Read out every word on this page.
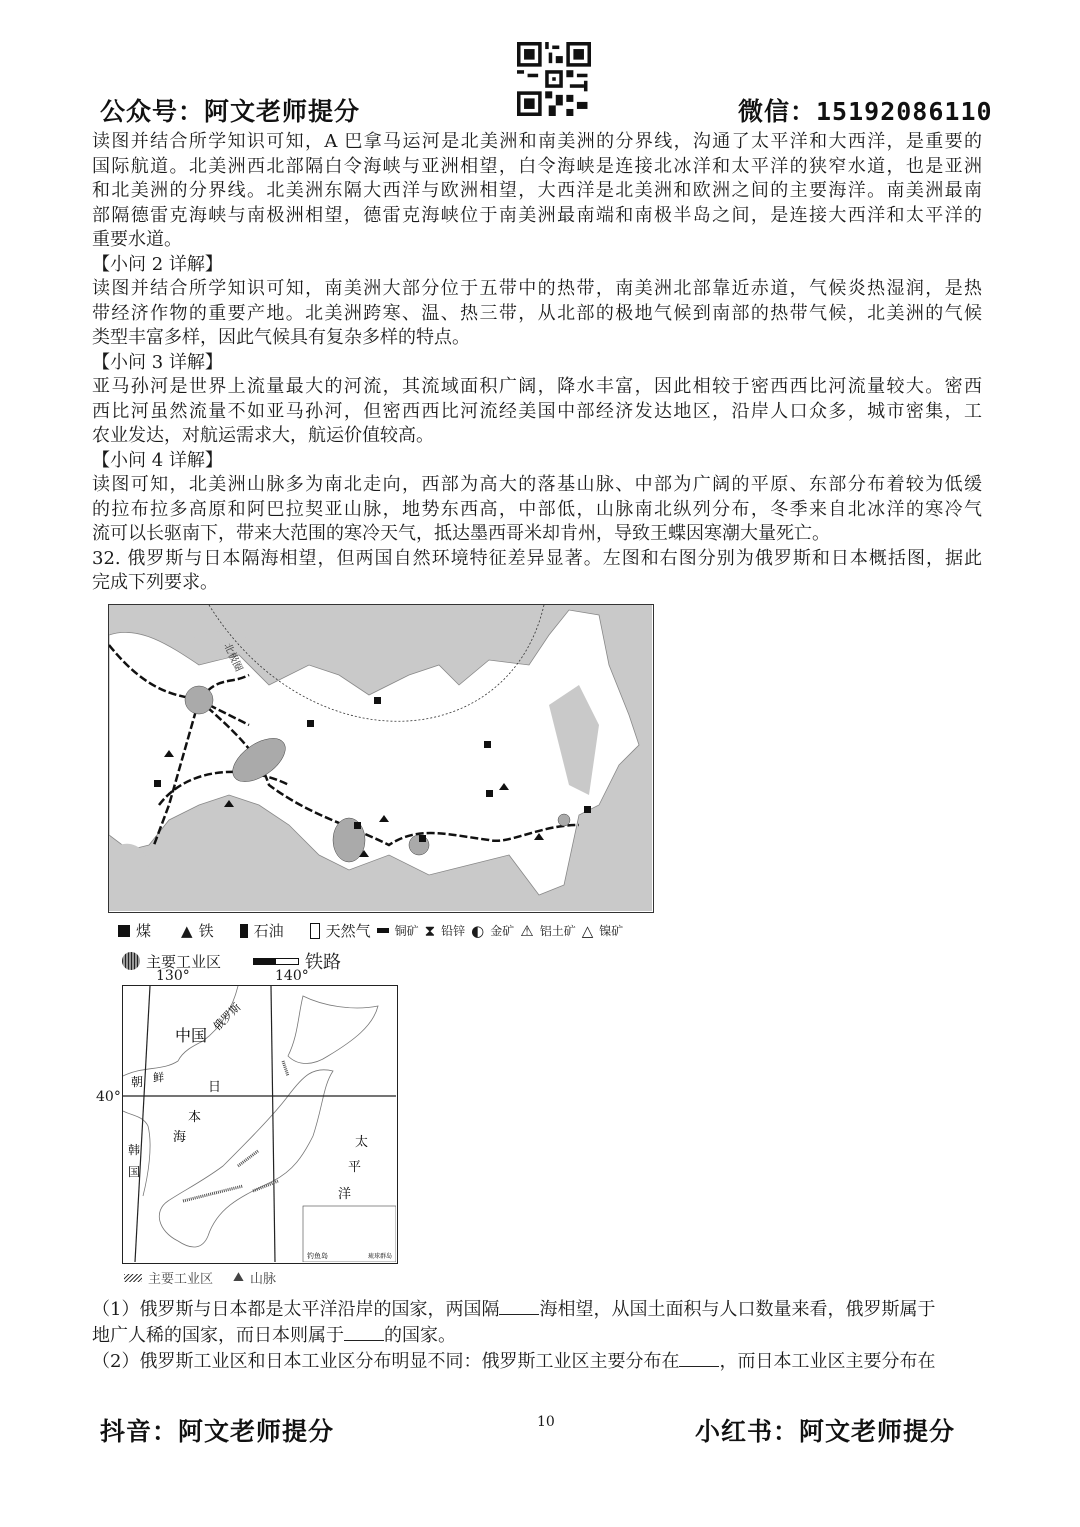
公众号：阿文老师提分	微信：15192086110
读图并结合所学知识可知，A 巴拿马运河是北美洲和南美洲的分界线，沟通了太平洋和大西洋，是重要的
国际航道。北美洲西北部隔白令海峡与亚洲相望，白令海峡是连接北冰洋和太平洋的狭窄水道，也是亚洲
和北美洲的分界线。北美洲东隔大西洋与欧洲相望，大西洋是北美洲和欧洲之间的主要海洋。南美洲最南
部隔德雷克海峡与南极洲相望，德雷克海峡位于南美洲最南端和南极半岛之间，是连接大西洋和太平洋的
重要水道。
【小问 2 详解】
读图并结合所学知识可知，南美洲大部分位于五带中的热带，南美洲北部靠近赤道，气候炎热湿润，是热
带经济作物的重要产地。北美洲跨寒、温、热三带，从北部的极地气候到南部的热带气候，北美洲的气候
类型丰富多样，因此气候具有复杂多样的特点。
【小问 3 详解】
亚马孙河是世界上流量最大的河流，其流域面积广阔，降水丰富，因此相较于密西西比河流量较大。密西
西比河虽然流量不如亚马孙河，但密西西比河流经美国中部经济发达地区，沿岸人口众多，城市密集，工
农业发达，对航运需求大，航运价值较高。
【小问 4 详解】
读图可知，北美洲山脉多为南北走向，西部为高大的落基山脉、中部为广阔的平原、东部分布着较为低缓
的拉布拉多高原和阿巴拉契亚山脉，地势东西高，中部低，山脉南北纵列分布，冬季来自北冰洋的寒冷气
流可以长驱南下，带来大范围的寒冷天气，抵达墨西哥米却肯州，导致王蝶因寒潮大量死亡。
32. 俄罗斯与日本隔海相望，但两国自然环境特征差异显著。左图和右图分别为俄罗斯和日本概括图，据此
完成下列要求。
北极圈
煤 ▲ 铁	石油	天然气 铜矿 ⧗ 铅锌 ◐ 金矿 ⚠ 铝土矿 △ 镍矿
主要工业区	铁路
130°	140°
40°
中国
俄罗斯
朝 鲜
韩
国
日
本
海	太
平
洋
钓鱼岛	琉球群岛
主要工业区 ⛰ 山脉
（1）俄罗斯与日本都是太平洋沿岸的国家，两国隔 海相望，从国土面积与人口数量来看，俄罗斯属于
地广人稀的国家，而日本则属于 的国家。
（2）俄罗斯工业区和日本工业区分布明显不同：俄罗斯工业区主要分布在 ，而日本工业区主要分布在
抖音：阿文老师提分	10	小红书：阿文老师提分
